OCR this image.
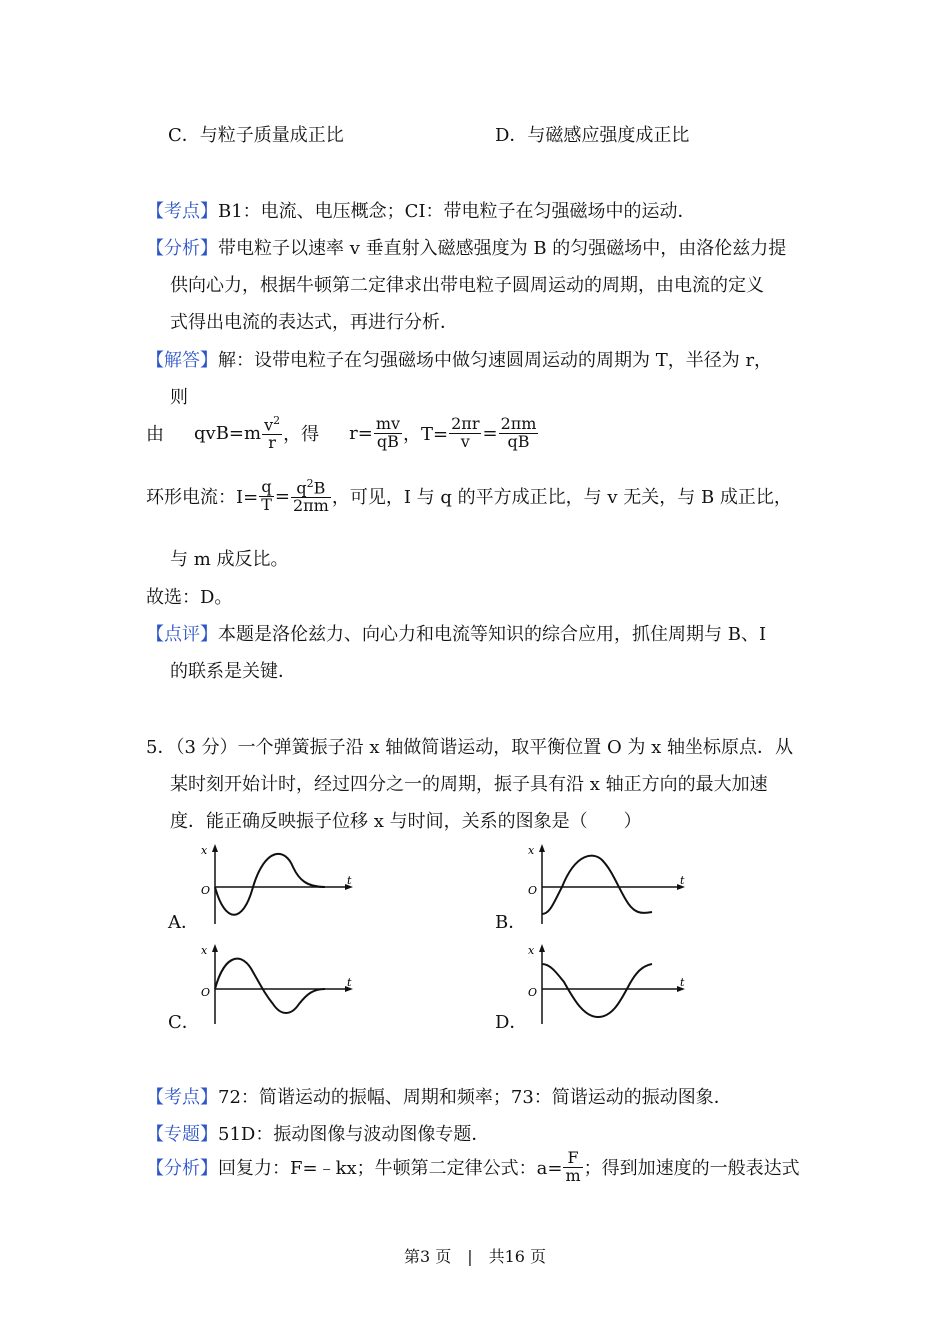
C．与粒子质量成正比	D．与磁感应强度成正比
【考点】B1：电流、电压概念；CI：带电粒子在匀强磁场中的运动．
【分析】带电粒子以速率 v 垂直射入磁感强度为 B 的匀强磁场中，由洛伦兹力提
供向心力，根据牛顿第二定律求出带电粒子圆周运动的周期，由电流的定义
式得出电流的表达式，再进行分析．
【解答】解：设带电粒子在匀强磁场中做匀速圆周运动的周期为 T，半径为 r，
则
由 $qvB=m \frac{v^2}{r}$ ，得 $r= \frac{mv}{qB}$ ，$T= \frac{2\pi r}{v} = \frac{2\pi m}{qB}$
环形电流：$I= \frac{q}{T} = \frac{q^2B}{2\pi m}$ ，可见，I 与 q 的平方成正比，与 v 无关，与 B 成正比，
与 m 成反比。
故选：D。
【点评】本题是洛伦兹力、向心力和电流等知识的综合应用，抓住周期与 B、I
的联系是关键．
5．（3 分）一个弹簧振子沿 x 轴做简谐运动，取平衡位置 O 为 x 轴坐标原点．从
某时刻开始计时，经过四分之一的周期，振子具有沿 x 轴正方向的最大加速
度．能正确反映振子位移 x 与时间，关系的图象是（　　）
x
t
O
A．
x
t
O
B．
x
t
O
C．
x
t
O
D．
【考点】72：简谐运动的振幅、周期和频率；73：简谐运动的振动图象．
【专题】51D：振动图像与波动图像专题．
【分析】 回复力：F=﹣kx；牛顿第二定律公式：$a= \frac{F}{m}$ ；得到加速度的一般表达式
第3 页　|　共16 页
